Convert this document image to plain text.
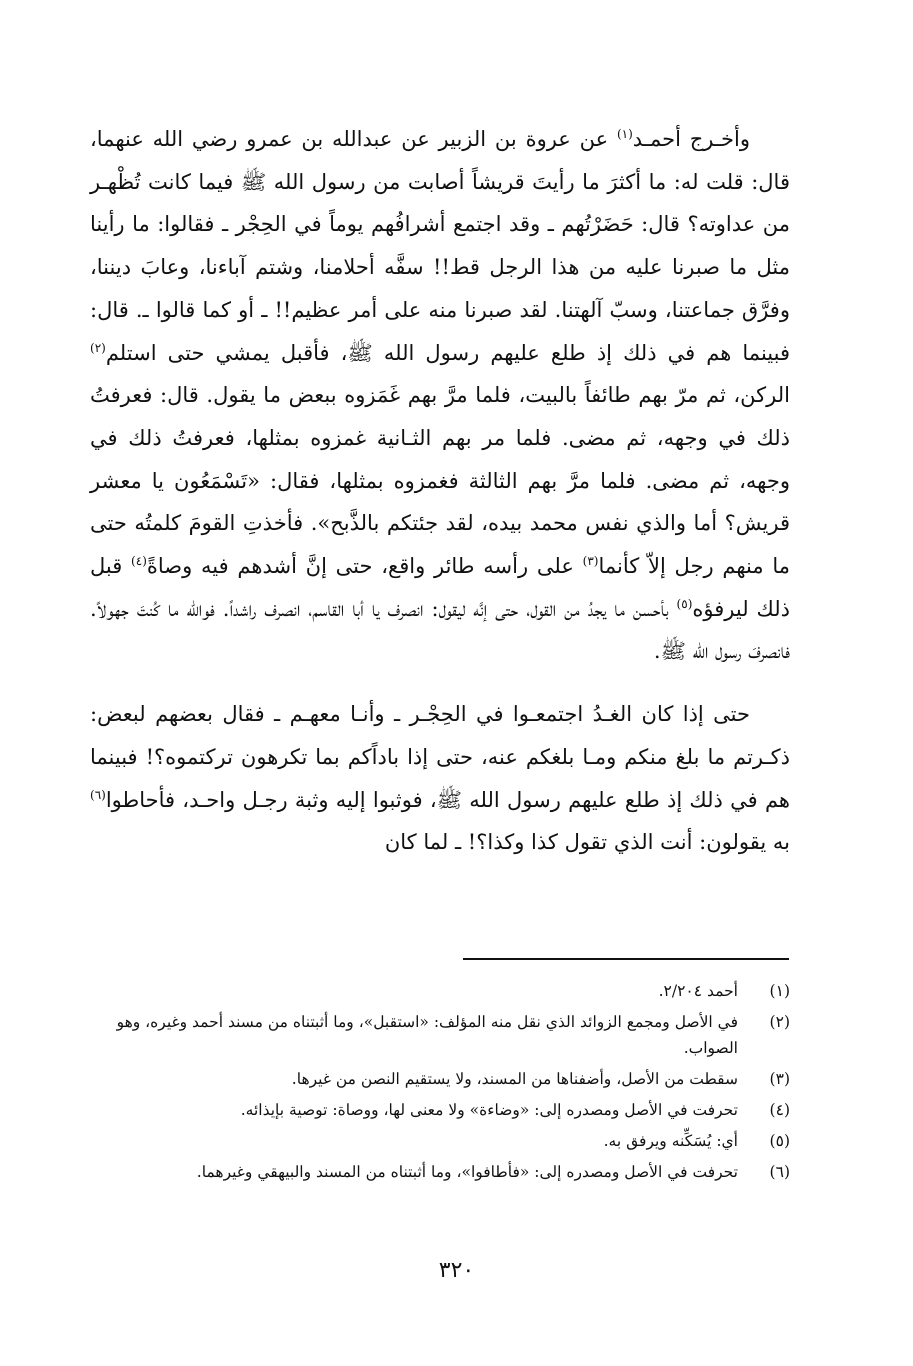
وأخـرج أحمـد$^{(١)}$ عن عروة بن الزبير عن عبدالله بن عمرو رضي الله عنهما، قال: قلت له: ما أكثرَ ما رأيتَ قريشاً أصابت من رسول الله ﷺ فيما كانت تُظْهـر من عداوته؟ قال: حَضَرْتُهم ـ وقد اجتمع أشرافُهم يوماً في الحِجْر ـ فقالوا: ما رأينا مثل ما صبرنا عليه من هذا الرجل قط!! سفَّه أحلامنا، وشتم آباءنا، وعابَ ديننا، وفرَّق جماعتنا، وسبّ آلهتنا. لقد صبرنا منه على أمر عظيم!! ـ أو كما قالوا ـ. قال: فبينما هم في ذلك إذ طلع عليهم رسول الله ﷺ، فأقبل يمشي حتى استلم$^{(٢)}$ الركن، ثم مرّ بهم طائفاً بالبيت، فلما مرَّ بهم غَمَزوه ببعض ما يقول. قال: فعرفتُ ذلك في وجهه، ثم مضى. فلما مر بهم الثـانية غمزوه بمثلها، فعرفتُ ذلك في وجهه، ثم مضى. فلما مرَّ بهم الثالثة فغمزوه بمثلها، فقال: «تَسْمَعُون يا معشر قريش؟ أما والذي نفس محمد بيده، لقد جئتكم بالذَّبح». فأخذتِ القومَ كلمتُه حتى ما منهم رجل إلاّ كأنما$^{(٣)}$ على رأسه طائر واقع، حتى إنَّ أشدهم فيه وصاةً$^{(٤)}$ قبل ذلك ليرفؤه$^{(٥)}$ بأحسن ما يجدُ من القول، حتى إنَّه ليقول: انصرف يا أبا القاسم، انصرف راشداً. فوالله ما كُنتَ جهولاً. فانصرفَ رسول الله ﷺ.

حتى إذا كان الغـدُ اجتمعـوا في الحِجْـر ـ وأنـا معهـم ـ فقال بعضهم لبعض: ذكـرتم ما بلغ منكم ومـا بلغكم عنه، حتى إذا باداًكم بما تكرهون تركتموه؟! فبينما هم في ذلك إذ طلع عليهم رسول الله ﷺ، فوثبوا إليه وثبة رجـل واحـد، فأحاطوا$^{(٦)}$ به يقولون: أنت الذي تقول كذا وكذا؟! ـ لما كان

(١)
أحمد ٢/٢٠٤.
(٢)
في الأصل ومجمع الزوائد الذي نقل منه المؤلف: «استقبل»، وما أثبتناه من مسند أحمد وغيره، وهو الصواب.
(٣)
سقطت من الأصل، وأضفناها من المسند، ولا يستقيم النصن من غيرها.
(٤)
تحرفت في الأصل ومصدره إلى: «وضاءة» ولا معنى لها، ووصاة: توصية بإيذائه.
(٥)
أي: يُسَكِّنه ويرفق به.
(٦)
تحرفت في الأصل ومصدره إلى: «فأطافوا»، وما أثبتناه من المسند والبيهقي وغيرهما.
٣٢٠
